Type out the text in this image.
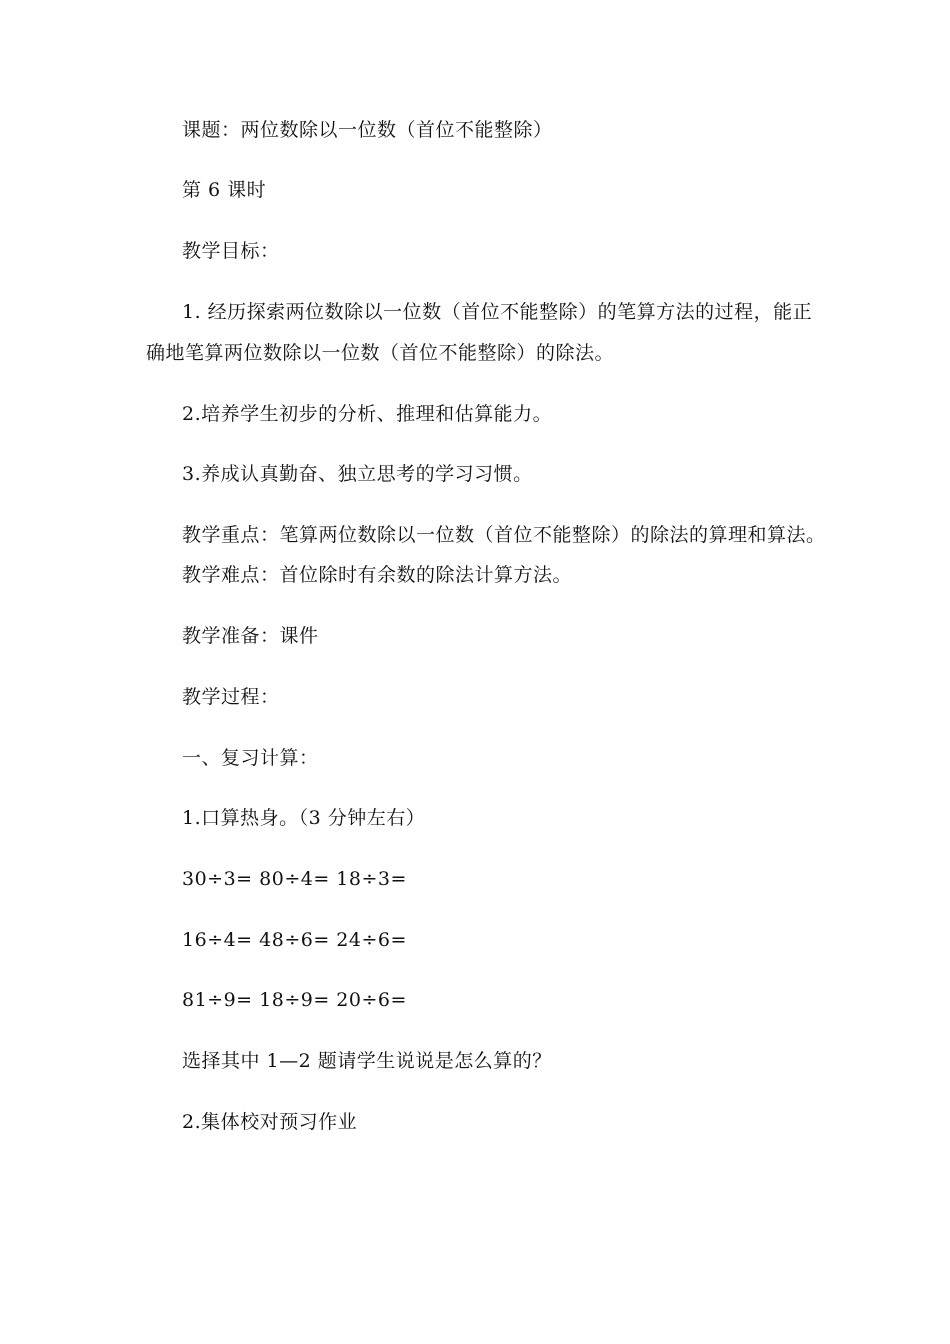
课题：两位数除以一位数（首位不能整除）
第 6 课时
教学目标：
1. 经历探索两位数除以一位数（首位不能整除）的笔算方法的过程，能正
确地笔算两位数除以一位数（首位不能整除）的除法。
2.培养学生初步的分析、推理和估算能力。
3.养成认真勤奋、独立思考的学习习惯。
教学重点：笔算两位数除以一位数（首位不能整除）的除法的算理和算法。
教学难点：首位除时有余数的除法计算方法。
教学准备：课件
教学过程：
一、复习计算：
1.口算热身。（3 分钟左右）
30÷3= 80÷4= 18÷3=
16÷4= 48÷6= 24÷6=
81÷9= 18÷9= 20÷6=
选择其中 1—2 题请学生说说是怎么算的？
2.集体校对预习作业
